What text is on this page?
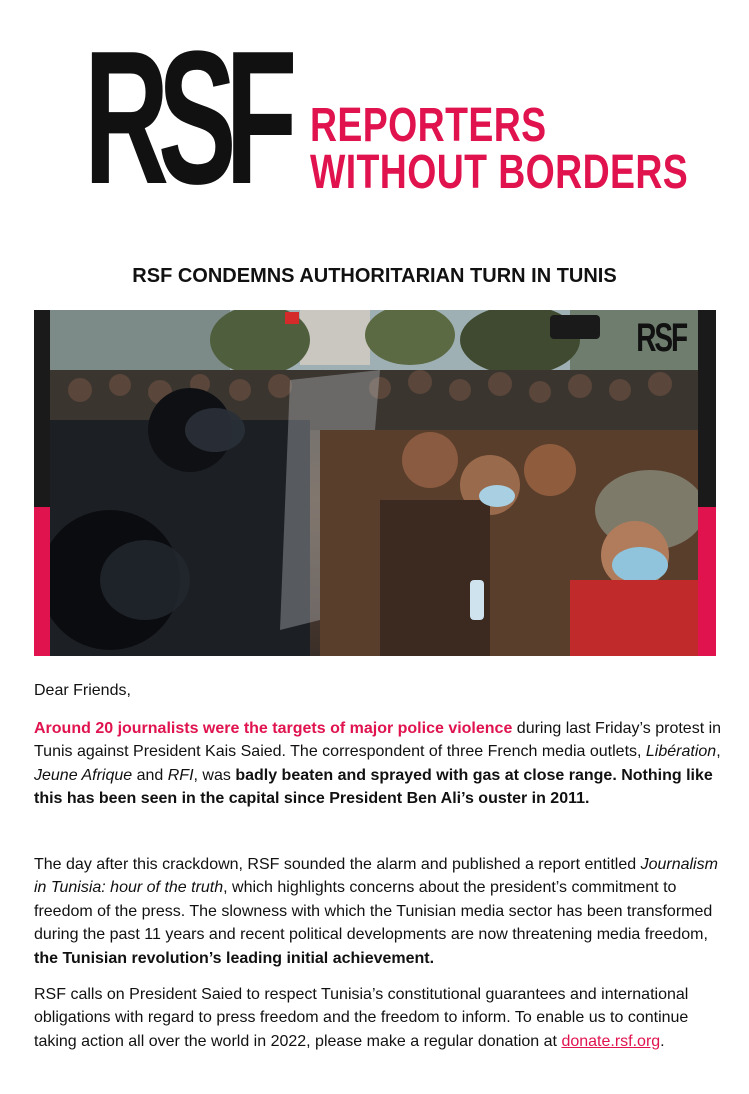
RSF REPORTERS
WITHOUT BORDERS
RSF CONDEMNS AUTHORITARIAN TURN IN TUNIS
RSF
Dear Friends,
Around 20 journalists were the targets of major police violence during last Friday’s protest in Tunis against President Kais Saied. The correspondent of three French media outlets, Libération, Jeune Afrique and RFI, was badly beaten and sprayed with gas at close range. Nothing like this has been seen in the capital since President Ben Ali’s ouster in 2011.
The day after this crackdown, RSF sounded the alarm and published a report entitled Journalism in Tunisia: hour of the truth, which highlights concerns about the president’s commitment to freedom of the press. The slowness with which the Tunisian media sector has been transformed during the past 11 years and recent political developments are now threatening media freedom, the Tunisian revolution’s leading initial achievement.
RSF calls on President Saied to respect Tunisia’s constitutional guarantees and international obligations with regard to press freedom and the freedom to inform. To enable us to continue taking action all over the world in 2022, please make a regular donation at donate.rsf.org.
